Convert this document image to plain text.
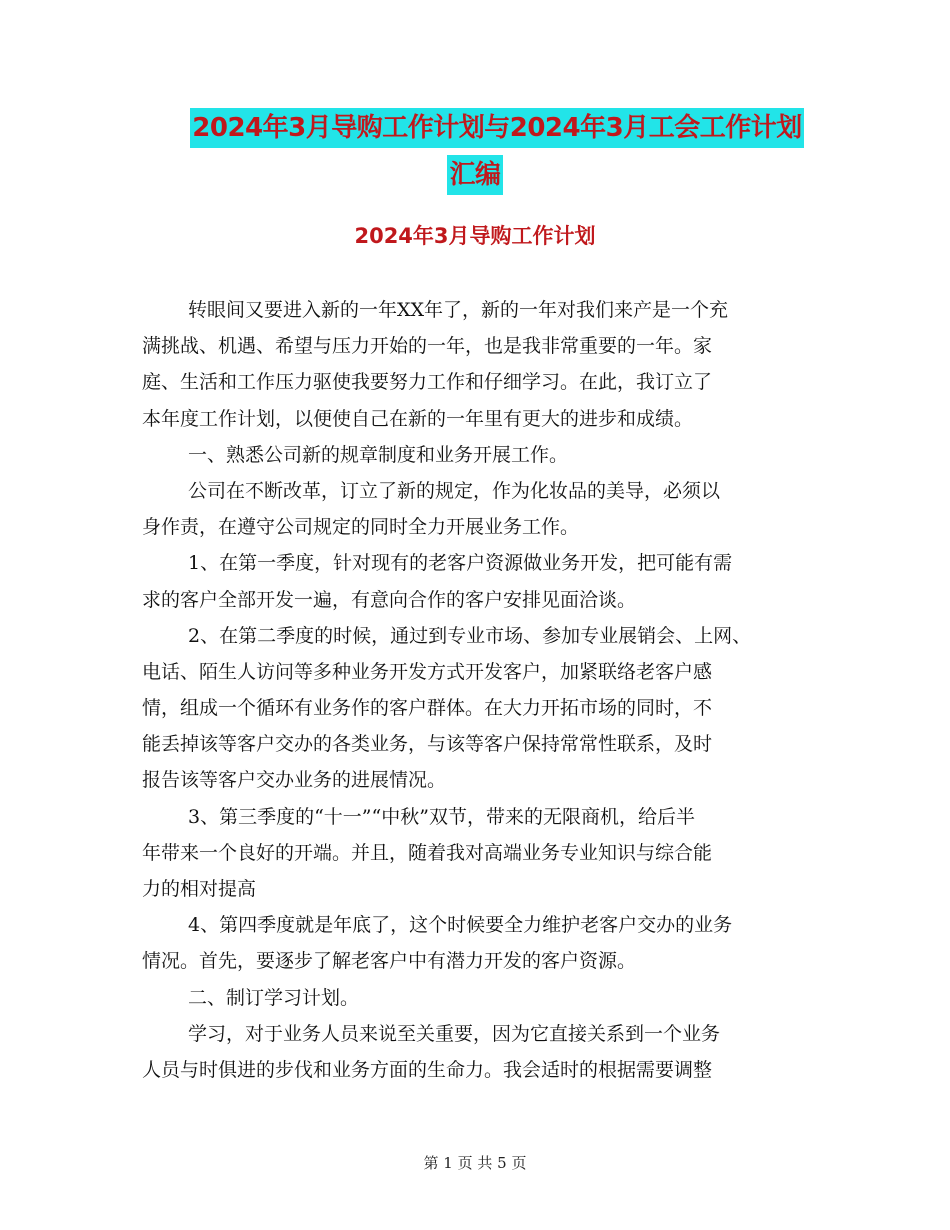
2024年3月导购工作计划与2024年3月工会工作计划
汇编
2024年3月导购工作计划
转眼间又要进入新的一年XX年了，新的一年对我们来产是一个充
满挑战、机遇、希望与压力开始的一年，也是我非常重要的一年。家
庭、生活和工作压力驱使我要努力工作和仔细学习。在此，我订立了
本年度工作计划，以便使自己在新的一年里有更大的进步和成绩。
一、熟悉公司新的规章制度和业务开展工作。
公司在不断改革，订立了新的规定，作为化妆品的美导，必须以
身作责，在遵守公司规定的同时全力开展业务工作。
1、在第一季度，针对现有的老客户资源做业务开发，把可能有需
求的客户全部开发一遍，有意向合作的客户安排见面洽谈。
2、在第二季度的时候，通过到专业市场、参加专业展销会、上网、
电话、陌生人访问等多种业务开发方式开发客户，加紧联络老客户感
情，组成一个循环有业务作的客户群体。在大力开拓市场的同时，不
能丢掉该等客户交办的各类业务，与该等客户保持常常性联系，及时
报告该等客户交办业务的进展情况。
3、第三季度的“十一”“中秋”双节，带来的无限商机，给后半
年带来一个良好的开端。并且，随着我对高端业务专业知识与综合能
力的相对提高
4、第四季度就是年底了，这个时候要全力维护老客户交办的业务
情况。首先，要逐步了解老客户中有潜力开发的客户资源。
二、制订学习计划。
学习，对于业务人员来说至关重要，因为它直接关系到一个业务
人员与时俱进的步伐和业务方面的生命力。我会适时的根据需要调整
第 1 页 共 5 页
